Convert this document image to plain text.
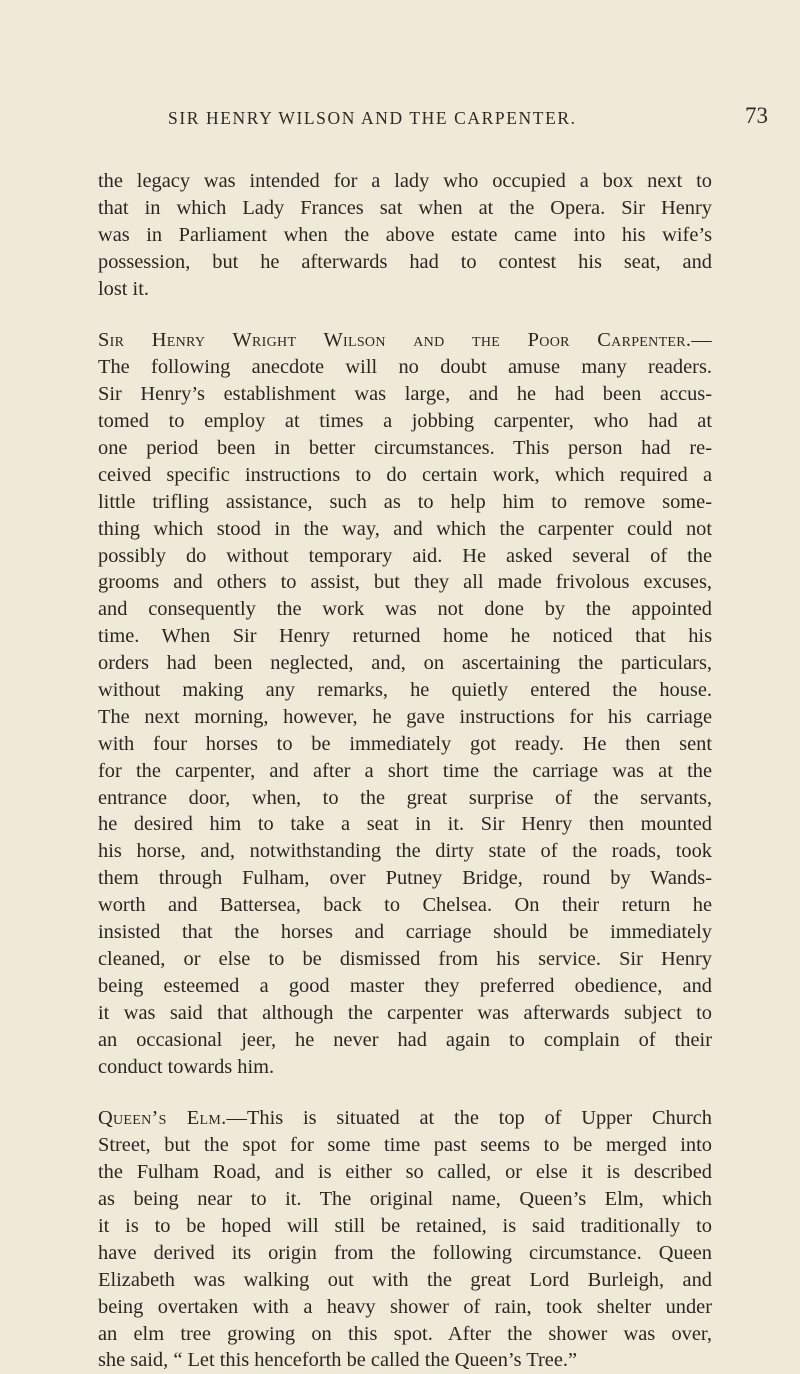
SIR HENRY WILSON AND THE CARPENTER.	73
the legacy was intended for a lady who occupied a box next to
that in which Lady Frances sat when at the Opera. Sir Henry
was in Parliament when the above estate came into his wife’s
possession, but he afterwards had to contest his seat, and
lost it.
Sir Henry Wright Wilson and the Poor Carpenter.—
The following anecdote will no doubt amuse many readers.
Sir Henry’s establishment was large, and he had been accus-
tomed to employ at times a jobbing carpenter, who had at
one period been in better circumstances. This person had re-
ceived specific instructions to do certain work, which required a
little trifling assistance, such as to help him to remove some-
thing which stood in the way, and which the carpenter could not
possibly do without temporary aid. He asked several of the
grooms and others to assist, but they all made frivolous excuses,
and consequently the work was not done by the appointed
time. When Sir Henry returned home he noticed that his
orders had been neglected, and, on ascertaining the particulars,
without making any remarks, he quietly entered the house.
The next morning, however, he gave instructions for his carriage
with four horses to be immediately got ready. He then sent
for the carpenter, and after a short time the carriage was at the
entrance door, when, to the great surprise of the servants,
he desired him to take a seat in it. Sir Henry then mounted
his horse, and, notwithstanding the dirty state of the roads, took
them through Fulham, over Putney Bridge, round by Wands-
worth and Battersea, back to Chelsea. On their return he
insisted that the horses and carriage should be immediately
cleaned, or else to be dismissed from his service. Sir Henry
being esteemed a good master they preferred obedience, and
it was said that although the carpenter was afterwards subject to
an occasional jeer, he never had again to complain of their
conduct towards him.
Queen’s Elm.—This is situated at the top of Upper Church
Street, but the spot for some time past seems to be merged into
the Fulham Road, and is either so called, or else it is described
as being near to it. The original name, Queen’s Elm, which
it is to be hoped will still be retained, is said traditionally to
have derived its origin from the following circumstance. Queen
Elizabeth was walking out with the great Lord Burleigh, and
being overtaken with a heavy shower of rain, took shelter under
an elm tree growing on this spot. After the shower was over,
she said, “ Let this henceforth be called the Queen’s Tree.”
